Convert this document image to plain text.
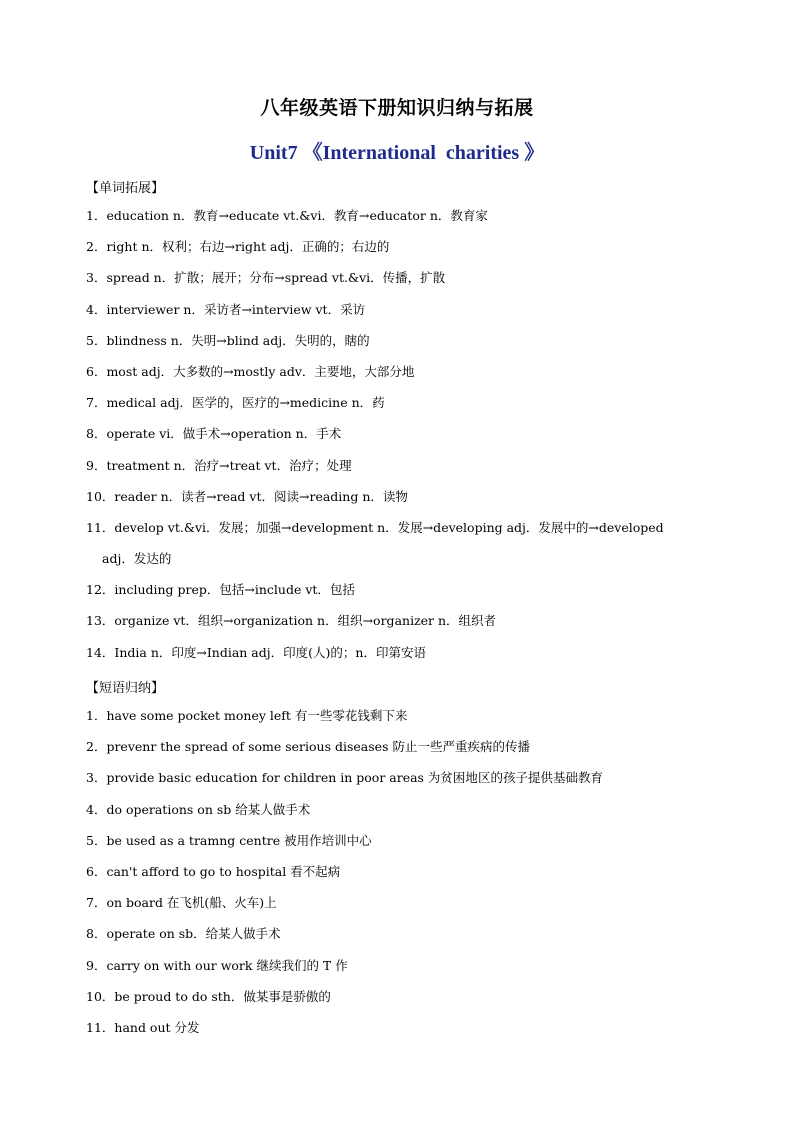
八年级英语下册知识归纳与拓展
Unit7 《International  charities 》

【单词拓展】

1．education n．教育→educate vt.&vi．教育→educator n．教育家
2．right n．权利；右边→right adj．正确的；右边的
3．spread n．扩散；展开；分布→spread vt.&vi．传播，扩散
4．interviewer n．采访者→interview vt．采访
5．blindness n．失明→blind adj．失明的，瞎的
6．most adj．大多数的→mostly adv．主要地，大部分地
7．medical adj．医学的，医疗的→medicine n．药
8．operate vi．做手术→operation n．手术
9．treatment n．治疗→treat vt．治疗；处理
10．reader n．读者→read vt．阅读→reading n．读物
11．develop vt.&vi．发展；加强→development n．发展→developing adj．发展中的→developed
adj．发达的
12．including prep．包括→include vt．包括
13．organize vt．组织→organization n．组织→organizer n．组织者
14．India n．印度→Indian adj．印度(人)的；n．印第安语

【短语归纳】

1．have some pocket money left 有一些零花钱剩下来
2．prevenr the spread of some serious diseases 防止一些严重疾病的传播
3．provide basic education for children in poor areas 为贫困地区的孩子提供基础教育
4．do operations on sb 给某人做手术
5．be used as a tramng centre 被用作培训中心
6．can't afford to go to hospital 看不起病
7．on board 在飞机(船、火车)上
8．operate on sb．给某人做手术
9．carry on with our work 继续我们的 T 作
10．be proud to do sth．做某事是骄傲的
11．hand out 分发
